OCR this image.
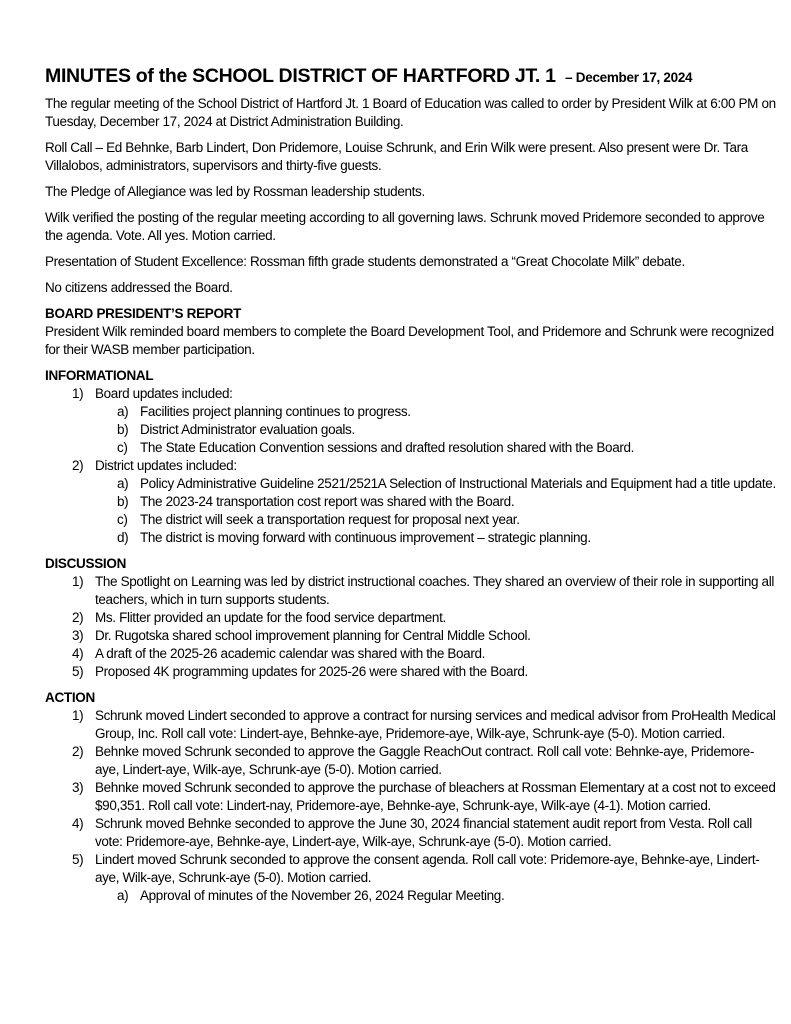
MINUTES of the SCHOOL DISTRICT OF HARTFORD JT. 1 – December 17, 2024
The regular meeting of the School District of Hartford Jt. 1 Board of Education was called to order by President Wilk at 6:00 PM on Tuesday, December 17, 2024 at District Administration Building.
Roll Call – Ed Behnke, Barb Lindert, Don Pridemore, Louise Schrunk, and Erin Wilk were present. Also present were Dr. Tara Villalobos, administrators, supervisors and thirty-five guests.
The Pledge of Allegiance was led by Rossman leadership students.
Wilk verified the posting of the regular meeting according to all governing laws. Schrunk moved Pridemore seconded to approve the agenda. Vote. All yes. Motion carried.
Presentation of Student Excellence: Rossman fifth grade students demonstrated a “Great Chocolate Milk” debate.
No citizens addressed the Board.
BOARD PRESIDENT’S REPORT
President Wilk reminded board members to complete the Board Development Tool, and Pridemore and Schrunk were recognized for their WASB member participation.
INFORMATIONAL
1) Board updates included:
a) Facilities project planning continues to progress.
b) District Administrator evaluation goals.
c) The State Education Convention sessions and drafted resolution shared with the Board.
2) District updates included:
a) Policy Administrative Guideline 2521/2521A Selection of Instructional Materials and Equipment had a title update.
b) The 2023-24 transportation cost report was shared with the Board.
c) The district will seek a transportation request for proposal next year.
d) The district is moving forward with continuous improvement – strategic planning.
DISCUSSION
1) The Spotlight on Learning was led by district instructional coaches. They shared an overview of their role in supporting all teachers, which in turn supports students.
2) Ms. Flitter provided an update for the food service department.
3) Dr. Rugotska shared school improvement planning for Central Middle School.
4) A draft of the 2025-26 academic calendar was shared with the Board.
5) Proposed 4K programming updates for 2025-26 were shared with the Board.
ACTION
1) Schrunk moved Lindert seconded to approve a contract for nursing services and medical advisor from ProHealth Medical Group, Inc. Roll call vote: Lindert-aye, Behnke-aye, Pridemore-aye, Wilk-aye, Schrunk-aye (5-0). Motion carried.
2) Behnke moved Schrunk seconded to approve the Gaggle ReachOut contract. Roll call vote: Behnke-aye, Pridemore-aye, Lindert-aye, Wilk-aye, Schrunk-aye (5-0). Motion carried.
3) Behnke moved Schrunk seconded to approve the purchase of bleachers at Rossman Elementary at a cost not to exceed $90,351. Roll call vote: Lindert-nay, Pridemore-aye, Behnke-aye, Schrunk-aye, Wilk-aye (4-1). Motion carried.
4) Schrunk moved Behnke seconded to approve the June 30, 2024 financial statement audit report from Vesta. Roll call vote: Pridemore-aye, Behnke-aye, Lindert-aye, Wilk-aye, Schrunk-aye (5-0). Motion carried.
5) Lindert moved Schrunk seconded to approve the consent agenda. Roll call vote: Pridemore-aye, Behnke-aye, Lindert-aye, Wilk-aye, Schrunk-aye (5-0). Motion carried.
a) Approval of minutes of the November 26, 2024 Regular Meeting.
